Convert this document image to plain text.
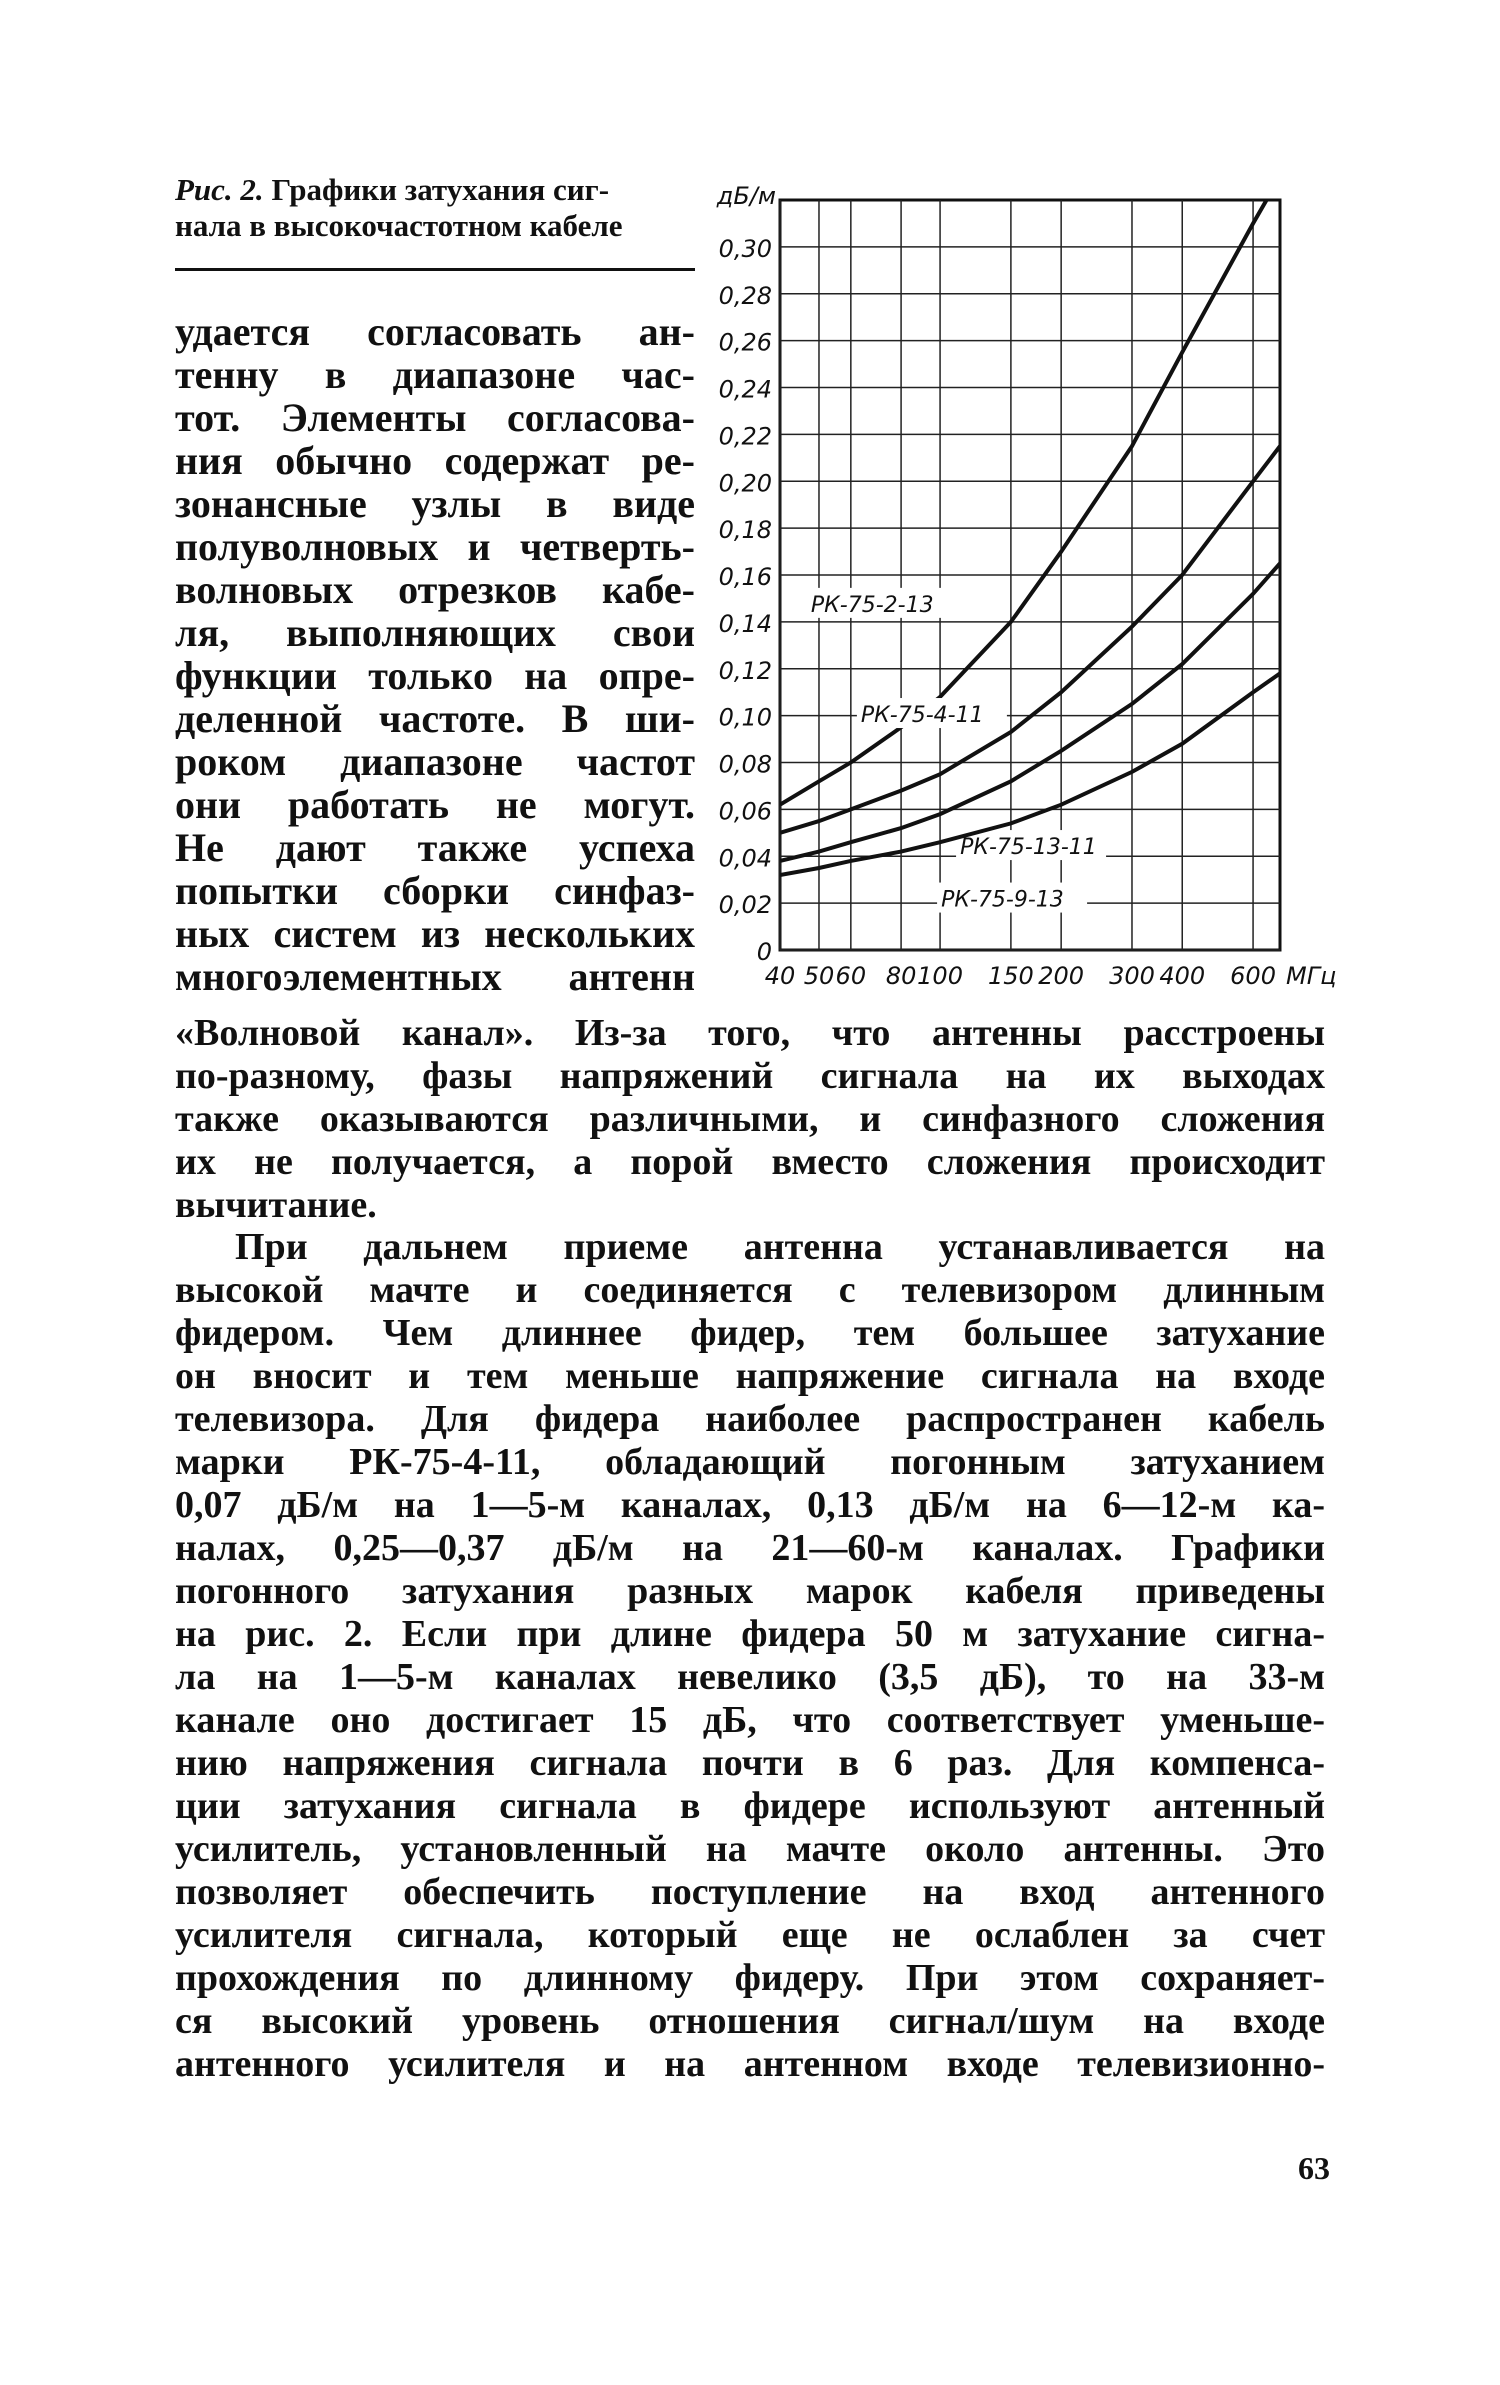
Рис. 2. Графики затухания сиг-
нала в высокочастотном кабеле
удается согласовать ан-
тенну в диапазоне час-
тот. Элементы согласова-
ния обычно содержат ре-
зонансные узлы в виде
полуволновых и четверть-
волновых отрезков кабе-
ля, выполняющих свои
функции только на опре-
деленной частоте. В ши-
роком диапазоне частот
они работать не могут.
Не дают также успеха
попытки сборки синфаз-
ных систем из нескольких
многоэлементных антенн
«Волновой канал». Из-за того, что антенны расстроены
по-разному, фазы напряжений сигнала на их выходах
также оказываются различными, и синфазного сложения
их не получается, а порой вместо сложения происходит
вычитание.
При дальнем приеме антенна устанавливается на
высокой мачте и соединяется с телевизором длинным
фидером. Чем длиннее фидер, тем большее затухание
он вносит и тем меньше напряжение сигнала на входе
телевизора. Для фидера наиболее распространен кабель
марки РК-75-4-11, обладающий погонным затуханием
0,07 дБ/м на 1—5-м каналах, 0,13 дБ/м на 6—12-м ка-
налах, 0,25—0,37 дБ/м на 21—60-м каналах. Графики
погонного затухания разных марок кабеля приведены
на рис. 2. Если при длине фидера 50 м затухание сигна-
ла на 1—5-м каналах невелико (3,5 дБ), то на 33-м
канале оно достигает 15 дБ, что соответствует уменьше-
нию напряжения сигнала почти в 6 раз. Для компенса-
ции затухания сигнала в фидере используют антенный
усилитель, установленный на мачте около антенны. Это
позволяет обеспечить поступление на вход антенного
усилителя сигнала, который еще не ослаблен за счет
прохождения по длинному фидеру. При этом сохраняет-
ся высокий уровень отношения сигнал/шум на входе
антенного усилителя и на антенном входе телевизионно-
0
0,02
0,04
0,06
0,08
0,10
0,12
0,14
0,16
0,18
0,20
0,22
0,24
0,26
0,28
0,30
40 50 60 80 100 150 200 300 400 600
дБ/м
МГц
РК-75-2-13
РК-75-4-11
РК-75-13-11
РК-75-9-13
63
